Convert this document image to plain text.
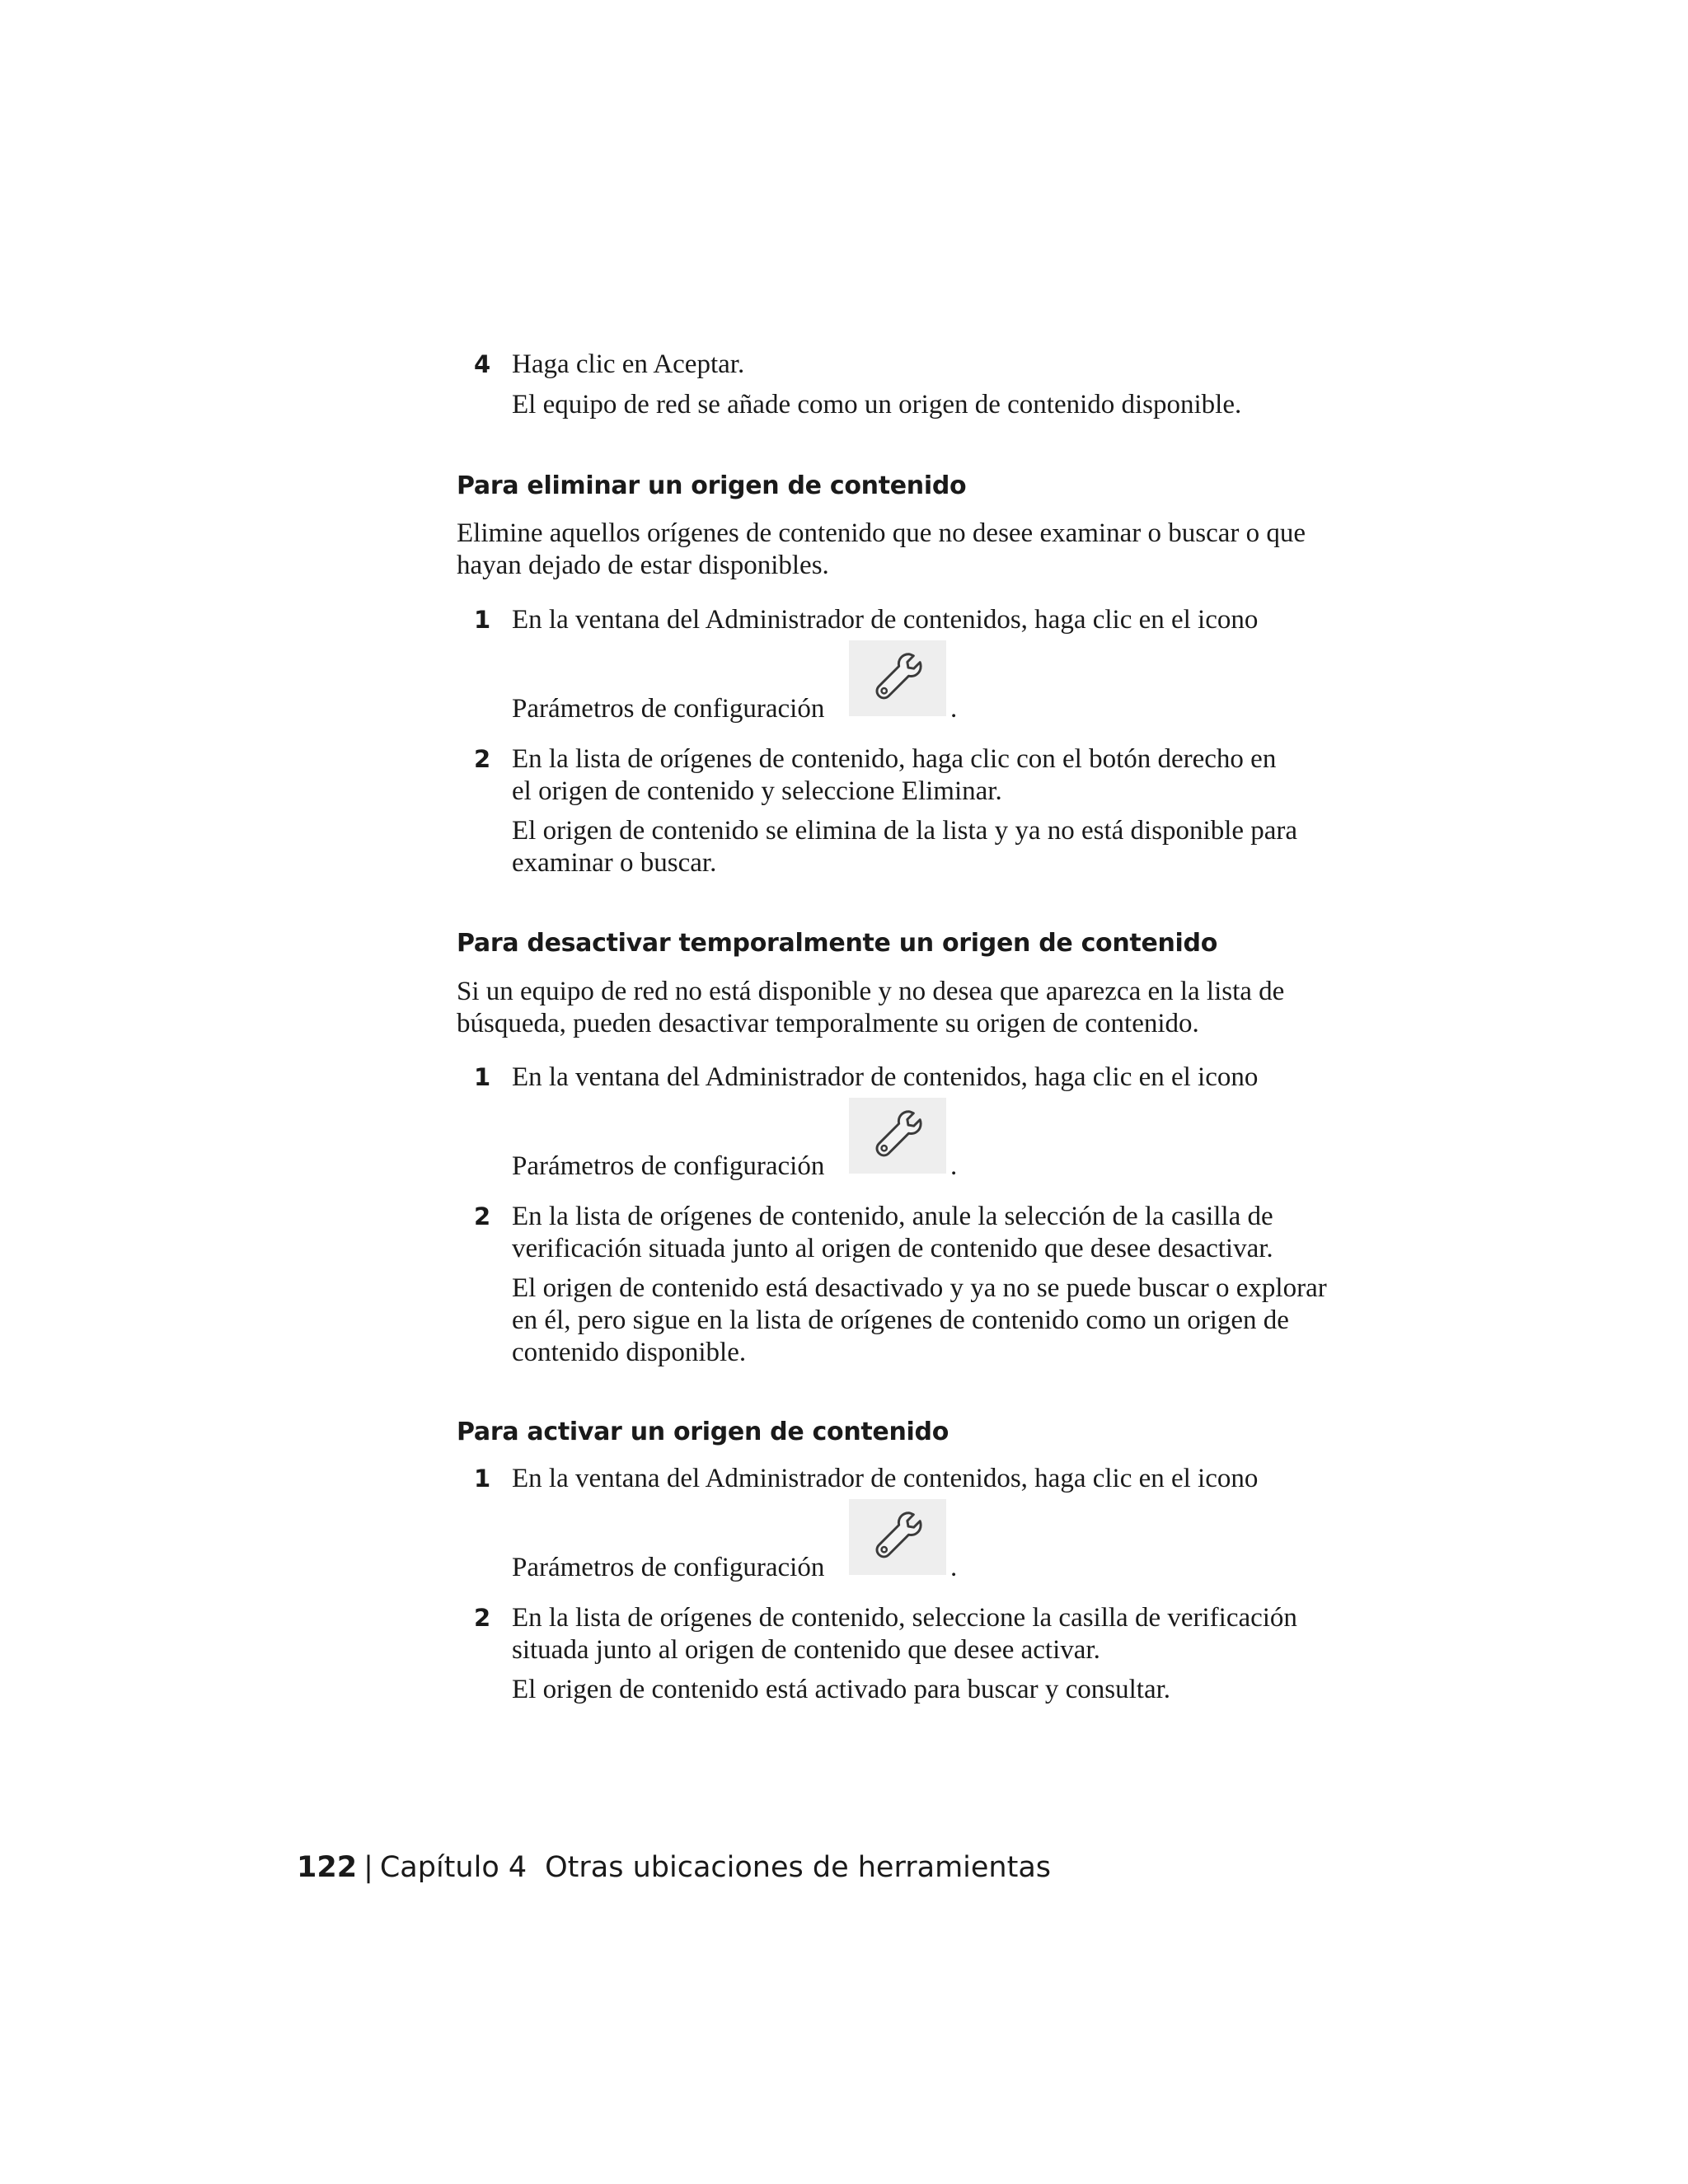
4 Haga clic en Aceptar.
El equipo de red se añade como un origen de contenido disponible.
Para eliminar un origen de contenido
Elimine aquellos orígenes de contenido que no desee examinar o buscar o que
hayan dejado de estar disponibles.
1 En la ventana del Administrador de contenidos, haga clic en el icono
Parámetros de configuración	.
2 En la lista de orígenes de contenido, haga clic con el botón derecho en
el origen de contenido y seleccione Eliminar.
El origen de contenido se elimina de la lista y ya no está disponible para
examinar o buscar.
Para desactivar temporalmente un origen de contenido
Si un equipo de red no está disponible y no desea que aparezca en la lista de
búsqueda, pueden desactivar temporalmente su origen de contenido.
1 En la ventana del Administrador de contenidos, haga clic en el icono
Parámetros de configuración	.
2 En la lista de orígenes de contenido, anule la selección de la casilla de
verificación situada junto al origen de contenido que desee desactivar.
El origen de contenido está desactivado y ya no se puede buscar o explorar
en él, pero sigue en la lista de orígenes de contenido como un origen de
contenido disponible.
Para activar un origen de contenido
1 En la ventana del Administrador de contenidos, haga clic en el icono
Parámetros de configuración	.
2 En la lista de orígenes de contenido, seleccione la casilla de verificación
situada junto al origen de contenido que desee activar.
El origen de contenido está activado para buscar y consultar.
122 | Capítulo 4 Otras ubicaciones de herramientas
